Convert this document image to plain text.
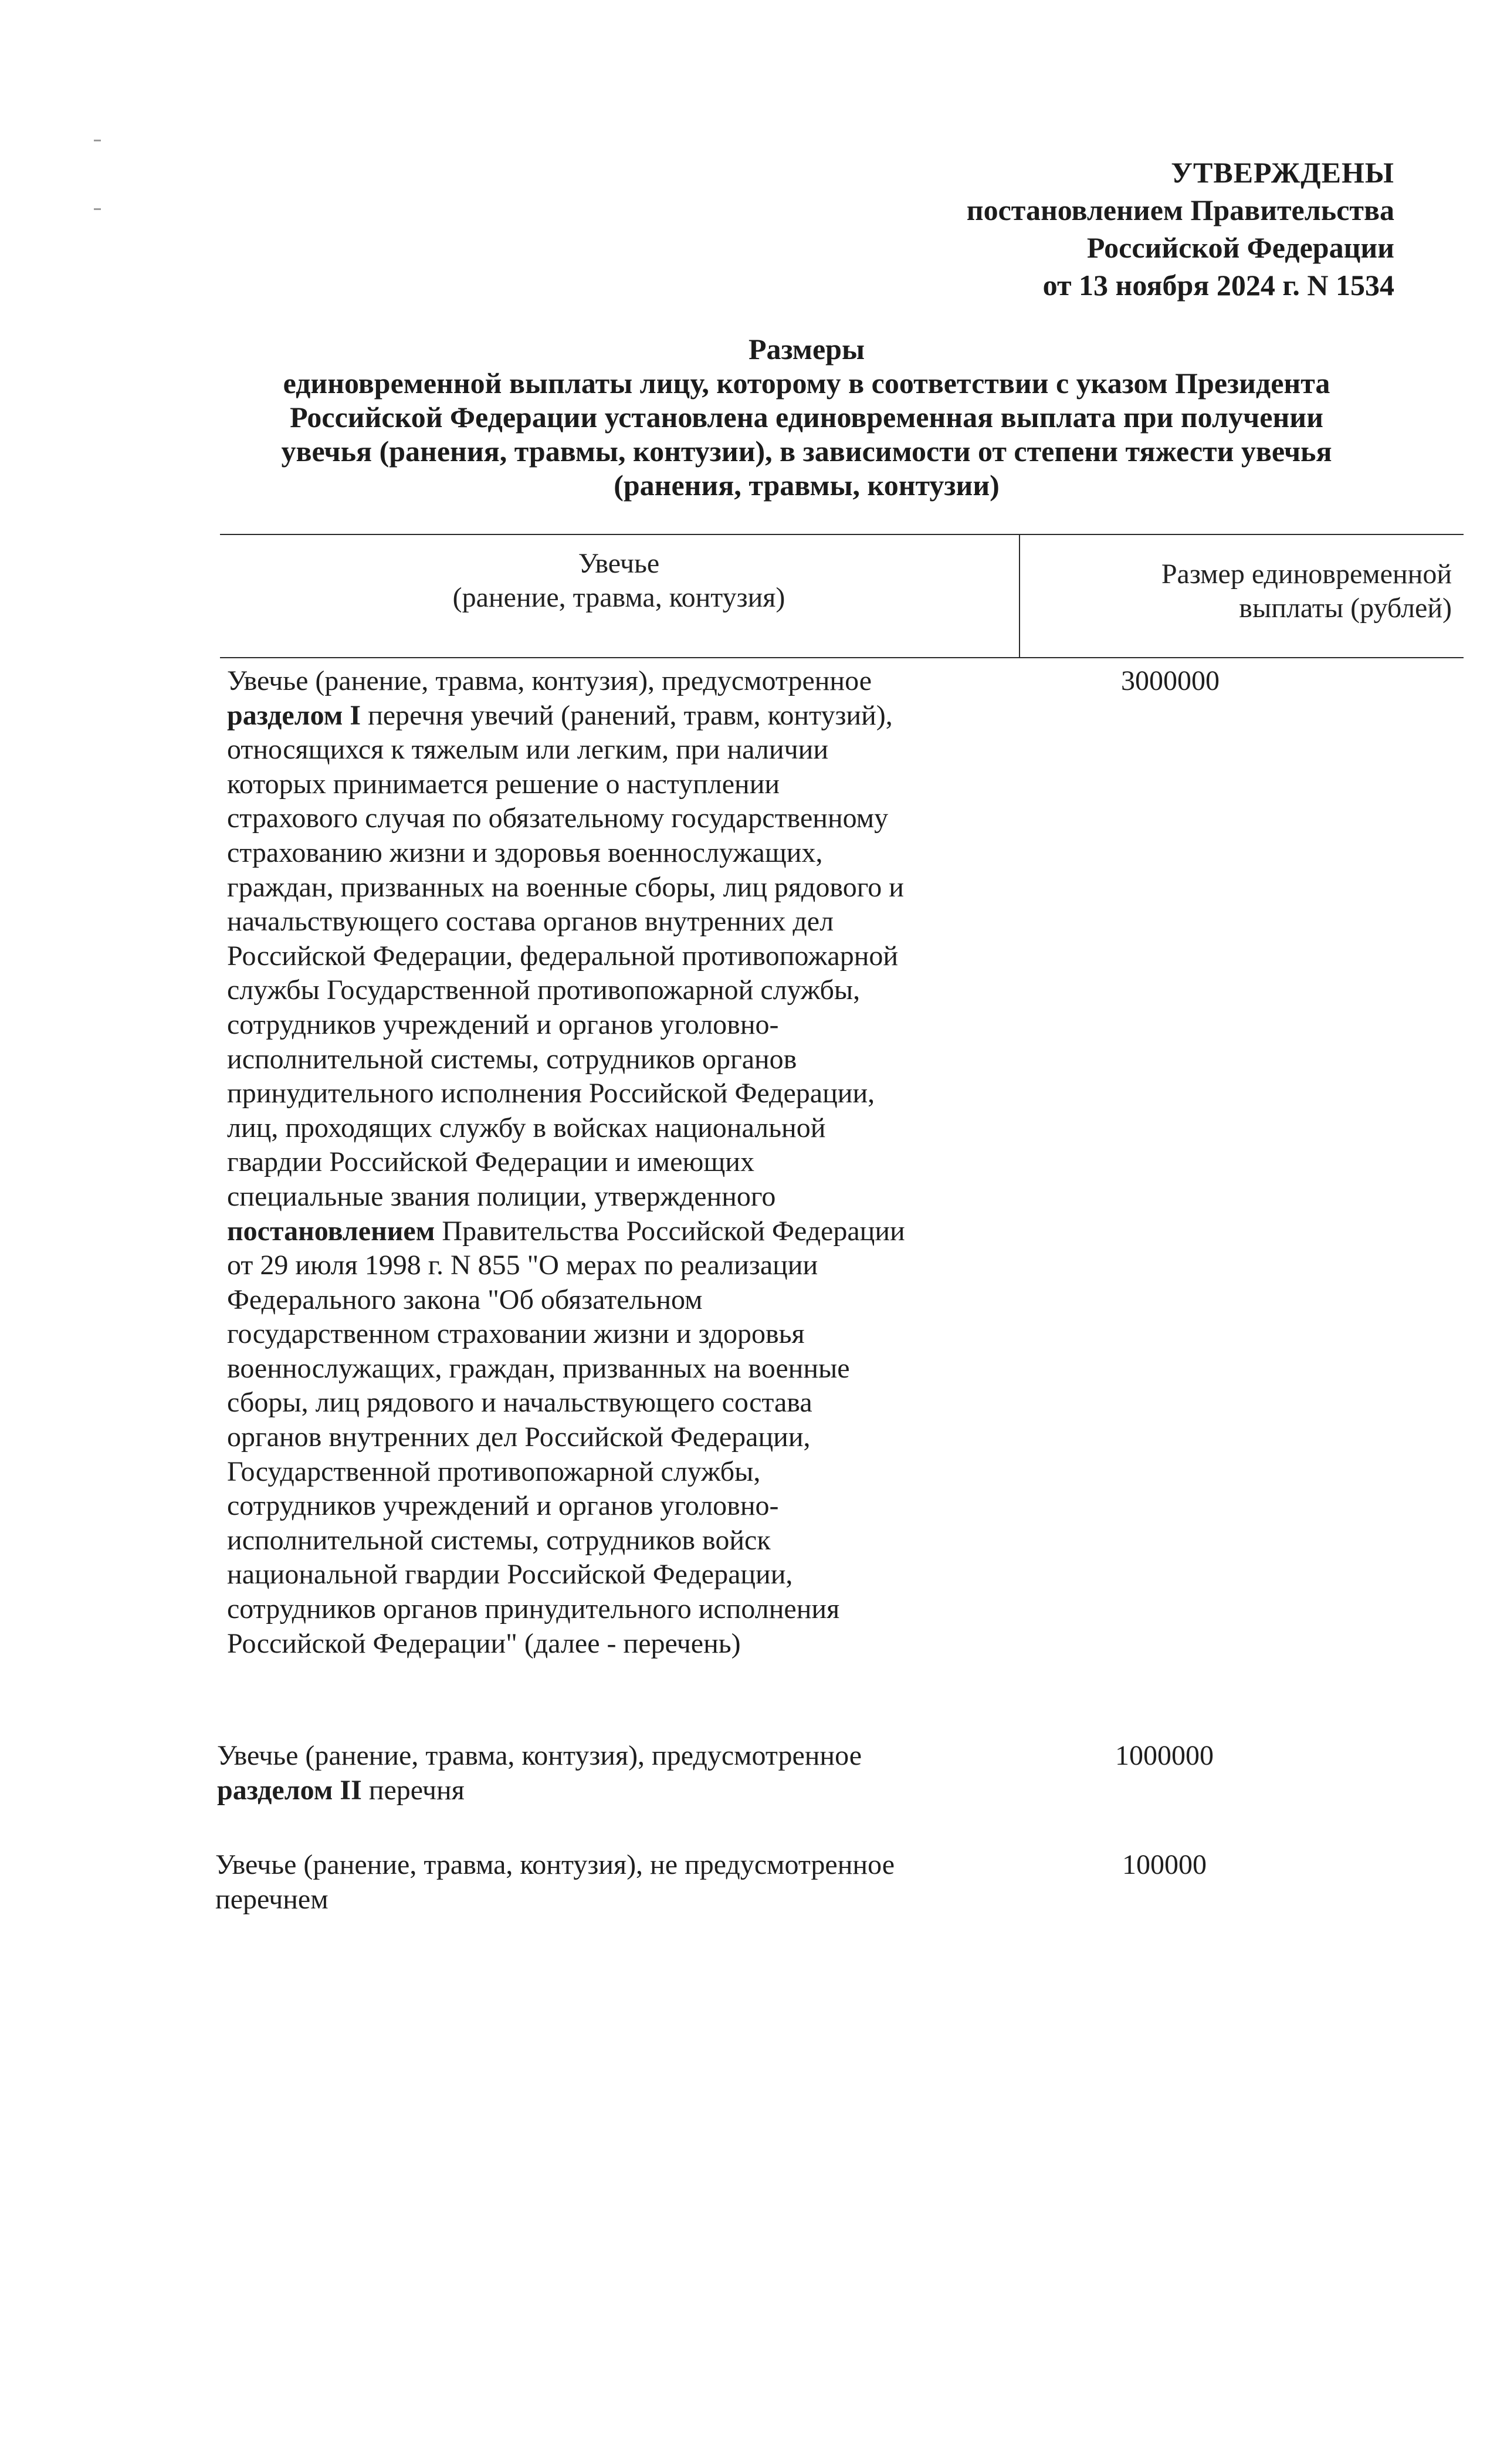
УТВЕРЖДЕНЫ
постановлением Правительства
Российской Федерации
от 13 ноября 2024 г. N 1534
Размеры
единовременной выплаты лицу, которому в соответствии с указом Президента
Российской Федерации установлена единовременная выплата при получении
увечья (ранения, травмы, контузии), в зависимости от степени тяжести увечья
(ранения, травмы, контузии)
Увечье
(ранение, травма, контузия)
Размер единовременной
выплаты (рублей)
Увечье (ранение, травма, контузия), предусмотренное
разделом I перечня увечий (ранений, травм, контузий),
относящихся к тяжелым или легким, при наличии
которых принимается решение о наступлении
страхового случая по обязательному государственному
страхованию жизни и здоровья военнослужащих,
граждан, призванных на военные сборы, лиц рядового и
начальствующего состава органов внутренних дел
Российской Федерации, федеральной противопожарной
службы Государственной противопожарной службы,
сотрудников учреждений и органов уголовно-
исполнительной системы, сотрудников органов
принудительного исполнения Российской Федерации,
лиц, проходящих службу в войсках национальной
гвардии Российской Федерации и имеющих
специальные звания полиции, утвержденного
постановлением Правительства Российской Федерации
от 29 июля 1998 г. N 855 "О мерах по реализации
Федерального закона "Об обязательном
государственном страховании жизни и здоровья
военнослужащих, граждан, призванных на военные
сборы, лиц рядового и начальствующего состава
органов внутренних дел Российской Федерации,
Государственной противопожарной службы,
сотрудников учреждений и органов уголовно-
исполнительной системы, сотрудников войск
национальной гвардии Российской Федерации,
сотрудников органов принудительного исполнения
Российской Федерации" (далее - перечень)
3000000
Увечье (ранение, травма, контузия), предусмотренное
разделом II перечня
1000000
Увечье (ранение, травма, контузия), не предусмотренное
перечнем
100000
